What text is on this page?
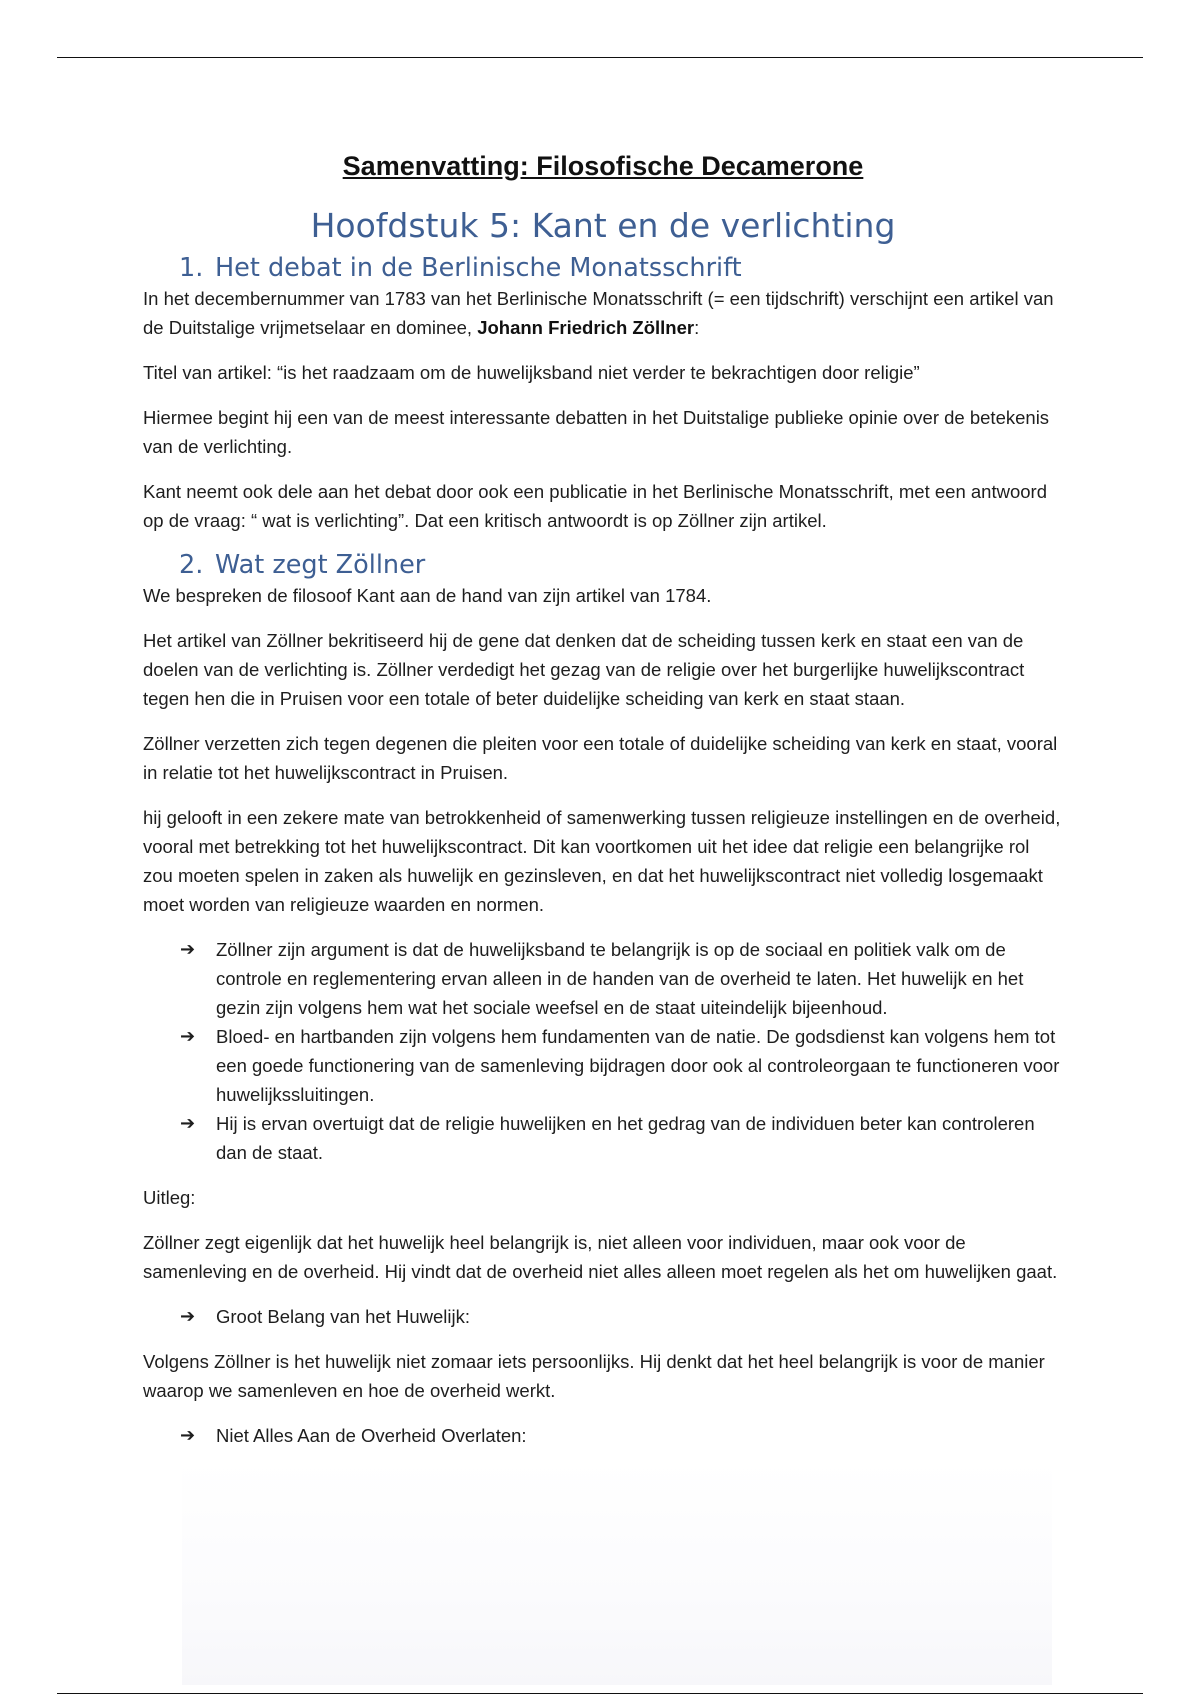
Samenvatting: Filosofische Decamerone
Hoofdstuk 5: Kant en de verlichting
1. Het debat in de Berlinische Monatsschrift

In het decembernummer van 1783 van het Berlinische Monatsschrift (= een tijdschrift) verschijnt een artikel van de Duitstalige vrijmetselaar en dominee, Johann Friedrich Zöllner:

Titel van artikel: “is het raadzaam om de huwelijksband niet verder te bekrachtigen door religie”

Hiermee begint hij een van de meest interessante debatten in het Duitstalige publieke opinie over de betekenis van de verlichting.

Kant neemt ook dele aan het debat door ook een publicatie in het Berlinische Monatsschrift, met een antwoord op de vraag: “ wat is verlichting”. Dat een kritisch antwoordt is op Zöllner zijn artikel.

2. Wat zegt Zöllner

We bespreken de filosoof Kant aan de hand van zijn artikel van 1784.

Het artikel van Zöllner bekritiseerd hij de gene dat denken dat de scheiding tussen kerk en staat een van de doelen van de verlichting is. Zöllner verdedigt het gezag van de religie over het burgerlijke huwelijkscontract tegen hen die in Pruisen voor een totale of beter duidelijke scheiding van kerk en staat staan.

Zöllner verzetten zich tegen degenen die pleiten voor een totale of duidelijke scheiding van kerk en staat, vooral in relatie tot het huwelijkscontract in Pruisen.

hij gelooft in een zekere mate van betrokkenheid of samenwerking tussen religieuze instellingen en de overheid, vooral met betrekking tot het huwelijkscontract. Dit kan voortkomen uit het idee dat religie een belangrijke rol zou moeten spelen in zaken als huwelijk en gezinsleven, en dat het huwelijkscontract niet volledig losgemaakt moet worden van religieuze waarden en normen.

➔ Zöllner zijn argument is dat de huwelijksband te belangrijk is op de sociaal en politiek valk om de controle en reglementering ervan alleen in de handen van de overheid te laten. Het huwelijk en het gezin zijn volgens hem wat het sociale weefsel en de staat uiteindelijk bijeenhoud.
➔ Bloed- en hartbanden zijn volgens hem fundamenten van de natie. De godsdienst kan volgens hem tot een goede functionering van de samenleving bijdragen door ook al controleorgaan te functioneren voor huwelijkssluitingen.
➔ Hij is ervan overtuigt dat de religie huwelijken en het gedrag van de individuen beter kan controleren dan de staat.

Uitleg:

Zöllner zegt eigenlijk dat het huwelijk heel belangrijk is, niet alleen voor individuen, maar ook voor de samenleving en de overheid. Hij vindt dat de overheid niet alles alleen moet regelen als het om huwelijken gaat.

➔ Groot Belang van het Huwelijk:

Volgens Zöllner is het huwelijk niet zomaar iets persoonlijks. Hij denkt dat het heel belangrijk is voor de manier waarop we samenleven en hoe de overheid werkt.

➔ Niet Alles Aan de Overheid Overlaten:
